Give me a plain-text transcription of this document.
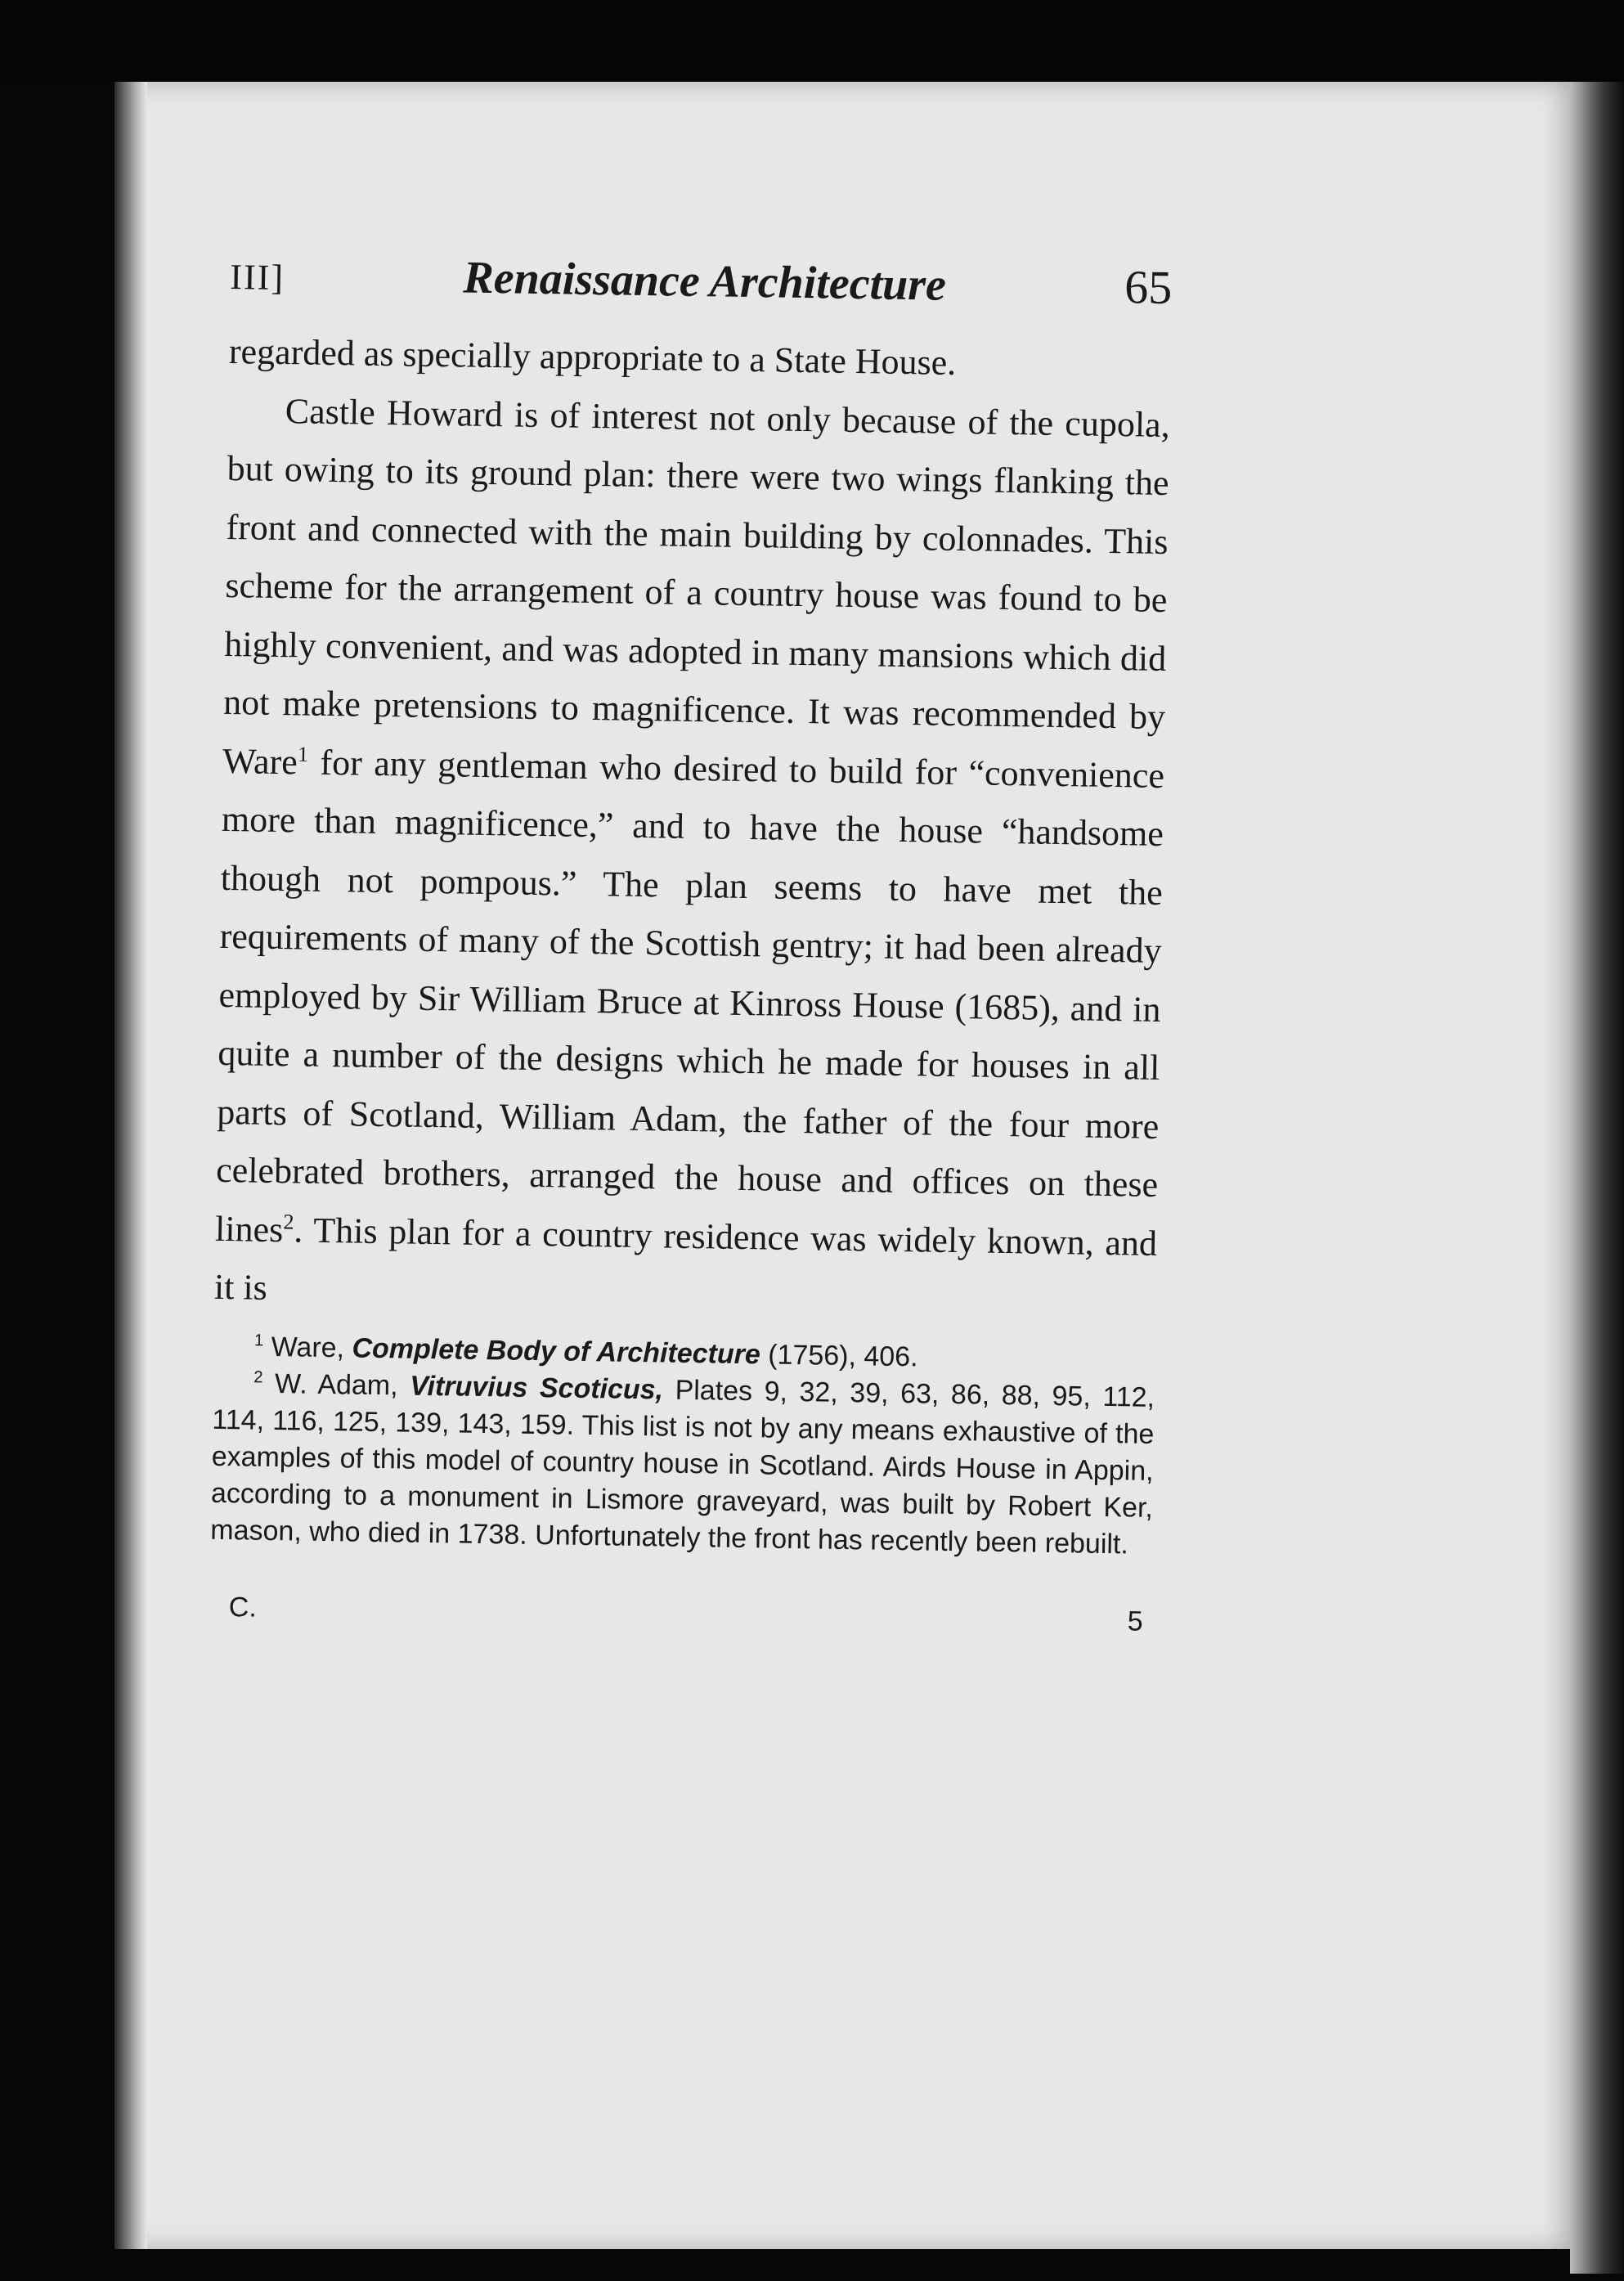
III]	Renaissance Architecture	65

regarded as specially appropriate to a State House.

Castle Howard is of interest not only because of the cupola, but owing to its ground plan: there were two wings flanking the front and connected with the main building by colonnades. This scheme for the arrangement of a country house was found to be highly convenient, and was adopted in many mansions which did not make pretensions to magnificence. It was recommended by Ware$^1$ for any gentleman who desired to build for “convenience more than magnificence,” and to have the house “handsome though not pompous.” The plan seems to have met the requirements of many of the Scottish gentry; it had been already employed by Sir William Bruce at Kinross House (1685), and in quite a number of the designs which he made for houses in all parts of Scotland, William Adam, the father of the four more celebrated brothers, arranged the house and offices on these lines$^2$. This plan for a country residence was widely known, and it is

$^1$ Ware, Complete Body of Architecture (1756), 406.

$^2$ W. Adam, Vitruvius Scoticus, Plates 9, 32, 39, 63, 86, 88, 95, 112, 114, 116, 125, 139, 143, 159. This list is not by any means exhaustive of the examples of this model of country house in Scotland. Airds House in Appin, according to a monument in Lismore graveyard, was built by Robert Ker, mason, who died in 1738. Unfortunately the front has recently been rebuilt.

C.	5
